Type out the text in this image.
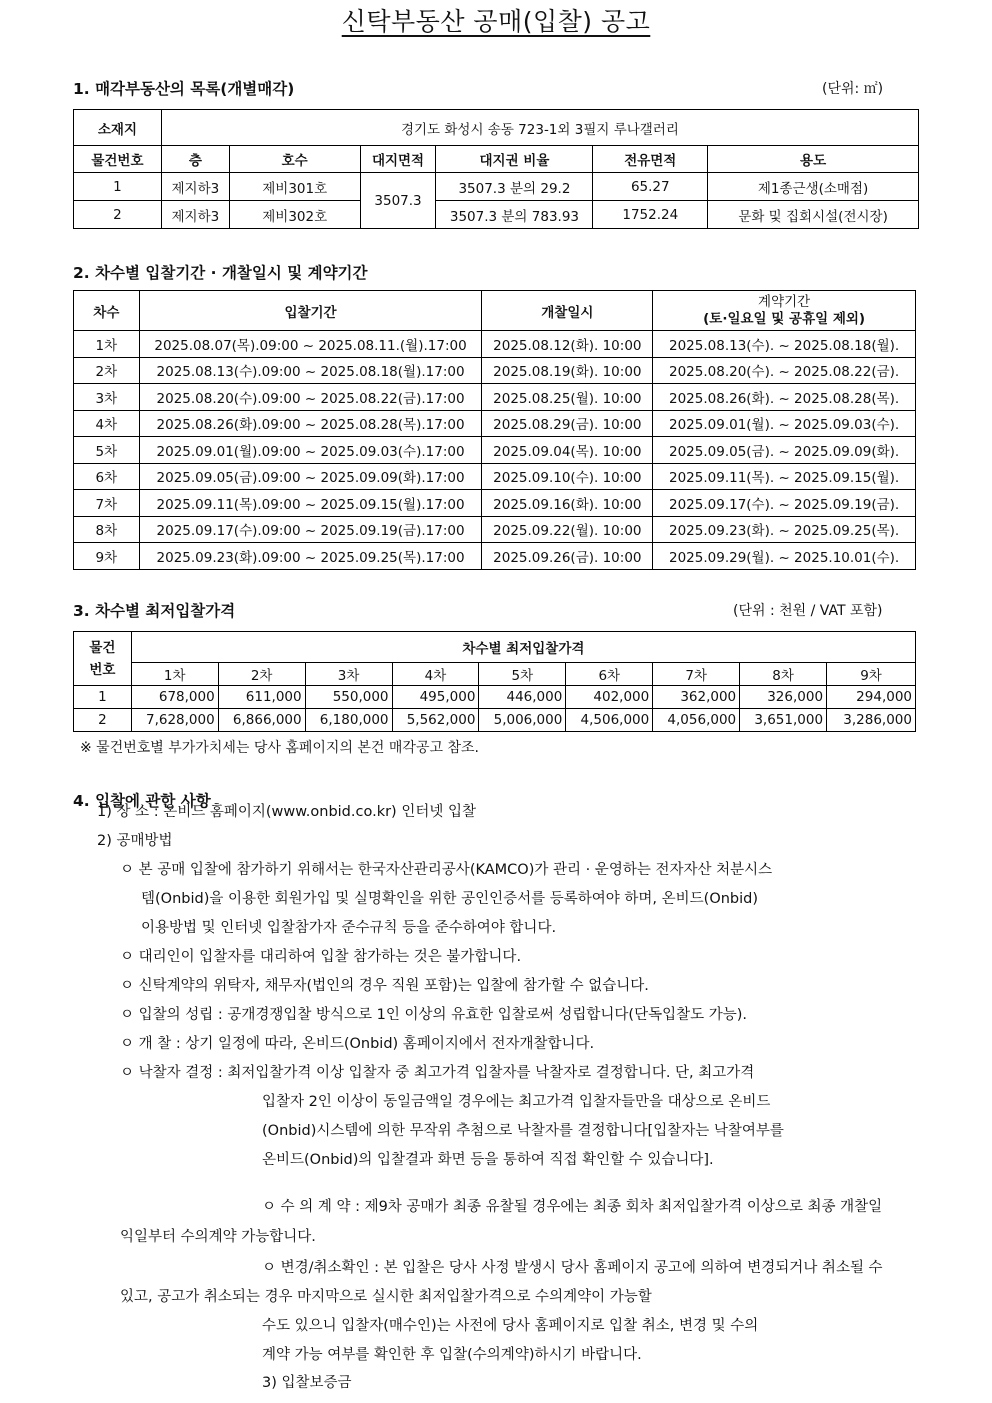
신탁부동산 공매(입찰) 공고
1. 매각부동산의 목록(개별매각)	(단위: ㎡)
소재지	경기도 화성시 송동 723-1외 3필지 루나갤러리					
물건번호	층	호수	대지면적	대지권 비율	전유면적	용도
1	제지하3	제비301호	3507.3	3507.3 분의 29.2	65.27	제1종근생(소매점)
2	제지하3	제비302호		3507.3 분의 783.93	1752.24	문화 및 집회시설(전시장)
2. 차수별 입찰기간 · 개찰일시 및 계약기간
차수	입찰기간	개찰일시	계약기간
(토·일요일 및 공휴일 제외)

1차	2025.08.07(목).09:00 ~ 2025.08.11.(월).17:00	2025.08.12(화). 10:00	2025.08.13(수). ~ 2025.08.18(월).
2차	2025.08.13(수).09:00 ~ 2025.08.18(월).17:00	2025.08.19(화). 10:00	2025.08.20(수). ~ 2025.08.22(금).
3차	2025.08.20(수).09:00 ~ 2025.08.22(금).17:00	2025.08.25(월). 10:00	2025.08.26(화). ~ 2025.08.28(목).
4차	2025.08.26(화).09:00 ~ 2025.08.28(목).17:00	2025.08.29(금). 10:00	2025.09.01(월). ~ 2025.09.03(수).
5차	2025.09.01(월).09:00 ~ 2025.09.03(수).17:00	2025.09.04(목). 10:00	2025.09.05(금). ~ 2025.09.09(화).
6차	2025.09.05(금).09:00 ~ 2025.09.09(화).17:00	2025.09.10(수). 10:00	2025.09.11(목). ~ 2025.09.15(월).
7차	2025.09.11(목).09:00 ~ 2025.09.15(월).17:00	2025.09.16(화). 10:00	2025.09.17(수). ~ 2025.09.19(금).
8차	2025.09.17(수).09:00 ~ 2025.09.19(금).17:00	2025.09.22(월). 10:00	2025.09.23(화). ~ 2025.09.25(목).
9차	2025.09.23(화).09:00 ~ 2025.09.25(목).17:00	2025.09.26(금). 10:00	2025.09.29(월). ~ 2025.10.01(수).
3. 차수별 최저입찰가격	(단위 : 천원 / VAT 포함)
물건
번호	차수별 최저입찰가격								
	1차	2차	3차	4차	5차	6차	7차	8차	9차
1	678,000	611,000	550,000	495,000	446,000	402,000	362,000	326,000	294,000
2	7,628,000	6,866,000	6,180,000	5,562,000	5,006,000	4,506,000	4,056,000	3,651,000	3,286,000
※ 물건번호별 부가가치세는 당사 홈페이지의 본건 매각공고 참조.
4. 입찰에 관한 사항
1) 장 소 : 온비드 홈페이지(www.onbid.co.kr) 인터넷 입찰
2) 공매방법
ㅇ 본 공매 입찰에 참가하기 위해서는 한국자산관리공사(KAMCO)가 관리 · 운영하는 전자자산 처분시스
템(Onbid)을 이용한 회원가입 및 실명확인을 위한 공인인증서를 등록하여야 하며, 온비드(Onbid)
이용방법 및 인터넷 입찰참가자 준수규칙 등을 준수하여야 합니다.
ㅇ 대리인이 입찰자를 대리하여 입찰 참가하는 것은 불가합니다.
ㅇ 신탁계약의 위탁자, 채무자(법인의 경우 직원 포함)는 입찰에 참가할 수 없습니다.
ㅇ 입찰의 성립 : 공개경쟁입찰 방식으로 1인 이상의 유효한 입찰로써 성립합니다(단독입찰도 가능).
ㅇ 개 찰 : 상기 일정에 따라, 온비드(Onbid) 홈페이지에서 전자개찰합니다.
ㅇ 낙찰자 결정 : 최저입찰가격 이상 입찰자 중 최고가격 입찰자를 낙찰자로 결정합니다. 단, 최고가격
입찰자 2인 이상이 동일금액일 경우에는 최고가격 입찰자들만을 대상으로 온비드
(Onbid)시스템에 의한 무작위 추첨으로 낙찰자를 결정합니다[입찰자는 낙찰여부를
온비드(Onbid)의 입찰결과 화면 등을 통하여 직접 확인할 수 있습니다].
ㅇ 수 의 계 약 : 제9차 공매가 최종 유찰될 경우에는 최종 회차 최저입찰가격 이상으로 최종 개찰일
익일부터 수의계약 가능합니다.
ㅇ 변경/취소확인 : 본 입찰은 당사 사정 발생시 당사 홈페이지 공고에 의하여 변경되거나 취소될 수
있고, 공고가 취소되는 경우 마지막으로 실시한 최저입찰가격으로 수의계약이 가능할
수도 있으니 입찰자(매수인)는 사전에 당사 홈페이지로 입찰 취소, 변경 및 수의
계약 가능 여부를 확인한 후 입찰(수의계약)하시기 바랍니다.
3) 입찰보증금
